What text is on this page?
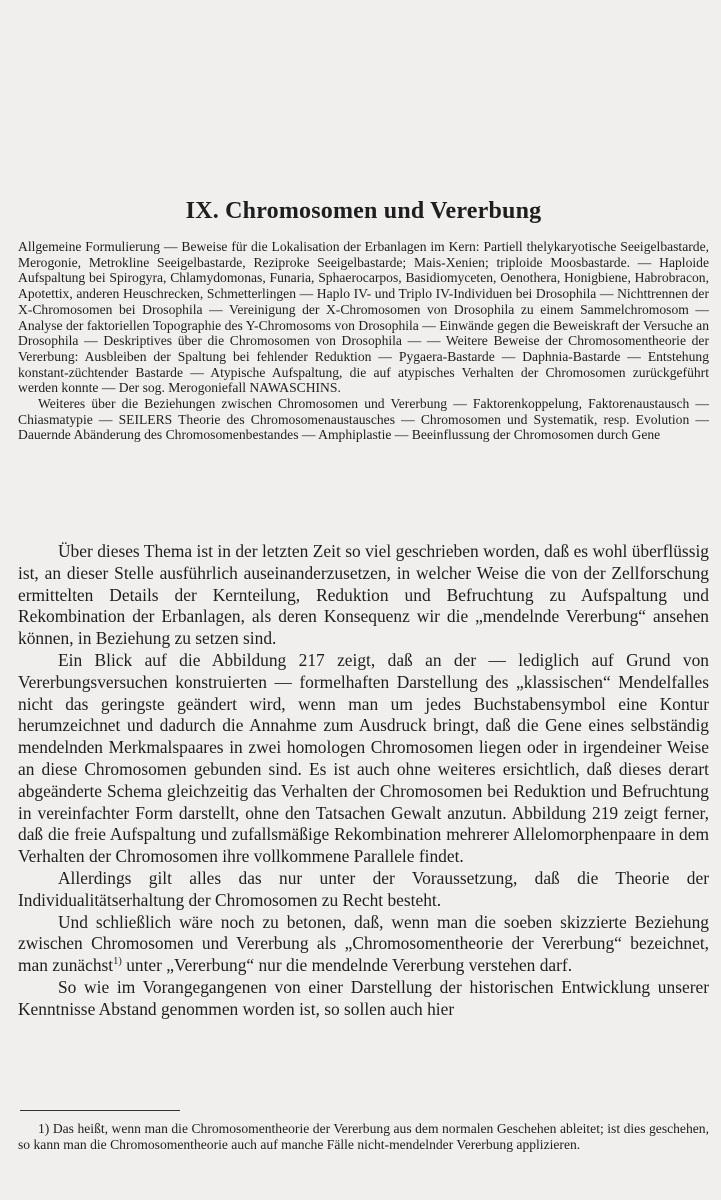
IX. Chromosomen und Vererbung

Allgemeine Formulierung — Beweise für die Lokalisation der Erbanlagen im Kern: Partiell thelykaryotische Seeigelbastarde, Merogonie, Metrokline Seeigelbastarde, Reziproke Seeigelbastarde; Mais-Xenien; triploide Moosbastarde. — Haploide Aufspaltung bei Spirogyra, Chlamydomonas, Funaria, Sphaerocarpos, Basidiomyceten, Oenothera, Honigbiene, Habrobracon, Apotettix, anderen Heuschrecken, Schmetterlingen — Haplo IV- und Triplo IV-Individuen bei Drosophila — Nichttrennen der X-Chromosomen bei Drosophila — Vereinigung der X-Chromosomen von Drosophila zu einem Sammelchromosom — Analyse der faktoriellen Topographie des Y-Chromosoms von Drosophila — Einwände gegen die Beweiskraft der Versuche an Drosophila — Deskriptives über die Chromosomen von Drosophila — — Weitere Beweise der Chromosomentheorie der Vererbung: Ausbleiben der Spaltung bei fehlender Reduktion — Pygaera-Bastarde — Daphnia-Bastarde — Entstehung konstant-züchtender Bastarde — Atypische Aufspaltung, die auf atypisches Verhalten der Chromosomen zurückgeführt werden konnte — Der sog. Merogoniefall NAWASCHINS.

Weiteres über die Beziehungen zwischen Chromosomen und Vererbung — Faktorenkoppelung, Faktorenaustausch — Chiasmatypie — SEILERS Theorie des Chromosomenaustausches — Chromosomen und Systematik, resp. Evolution — Dauernde Abänderung des Chromosomenbestandes — Amphiplastie — Beeinflussung der Chromosomen durch Gene

Über dieses Thema ist in der letzten Zeit so viel geschrieben worden, daß es wohl überflüssig ist, an dieser Stelle ausführlich auseinanderzusetzen, in welcher Weise die von der Zellforschung ermittelten Details der Kernteilung, Reduktion und Befruchtung zu Aufspaltung und Rekombination der Erbanlagen, als deren Konsequenz wir die „mendelnde Vererbung“ ansehen können, in Beziehung zu setzen sind.

Ein Blick auf die Abbildung 217 zeigt, daß an der — lediglich auf Grund von Vererbungsversuchen konstruierten — formelhaften Darstellung des „klassischen“ Mendelfalles nicht das geringste geändert wird, wenn man um jedes Buchstabensymbol eine Kontur herumzeichnet und dadurch die Annahme zum Ausdruck bringt, daß die Gene eines selbständig mendelnden Merkmalspaares in zwei homologen Chromosomen liegen oder in irgendeiner Weise an diese Chromosomen gebunden sind. Es ist auch ohne weiteres ersichtlich, daß dieses derart abgeänderte Schema gleichzeitig das Verhalten der Chromosomen bei Reduktion und Befruchtung in vereinfachter Form darstellt, ohne den Tatsachen Gewalt anzutun. Abbildung 219 zeigt ferner, daß die freie Aufspaltung und zufallsmäßige Rekombination mehrerer Allelomorphenpaare in dem Verhalten der Chromosomen ihre vollkommene Parallele findet.

Allerdings gilt alles das nur unter der Voraussetzung, daß die Theorie der Individualitätserhaltung der Chromosomen zu Recht besteht.

Und schließlich wäre noch zu betonen, daß, wenn man die soeben skizzierte Beziehung zwischen Chromosomen und Vererbung als „Chromosomentheorie der Vererbung“ bezeichnet, man zunächst$^{1)}$ unter „Vererbung“ nur die mendelnde Vererbung verstehen darf.

So wie im Vorangegangenen von einer Darstellung der historischen Entwicklung unserer Kenntnisse Abstand genommen worden ist, so sollen auch hier

1) Das heißt, wenn man die Chromosomentheorie der Vererbung aus dem normalen Geschehen ableitet; ist dies geschehen, so kann man die Chromosomentheorie auch auf manche Fälle nicht-mendelnder Vererbung applizieren.
